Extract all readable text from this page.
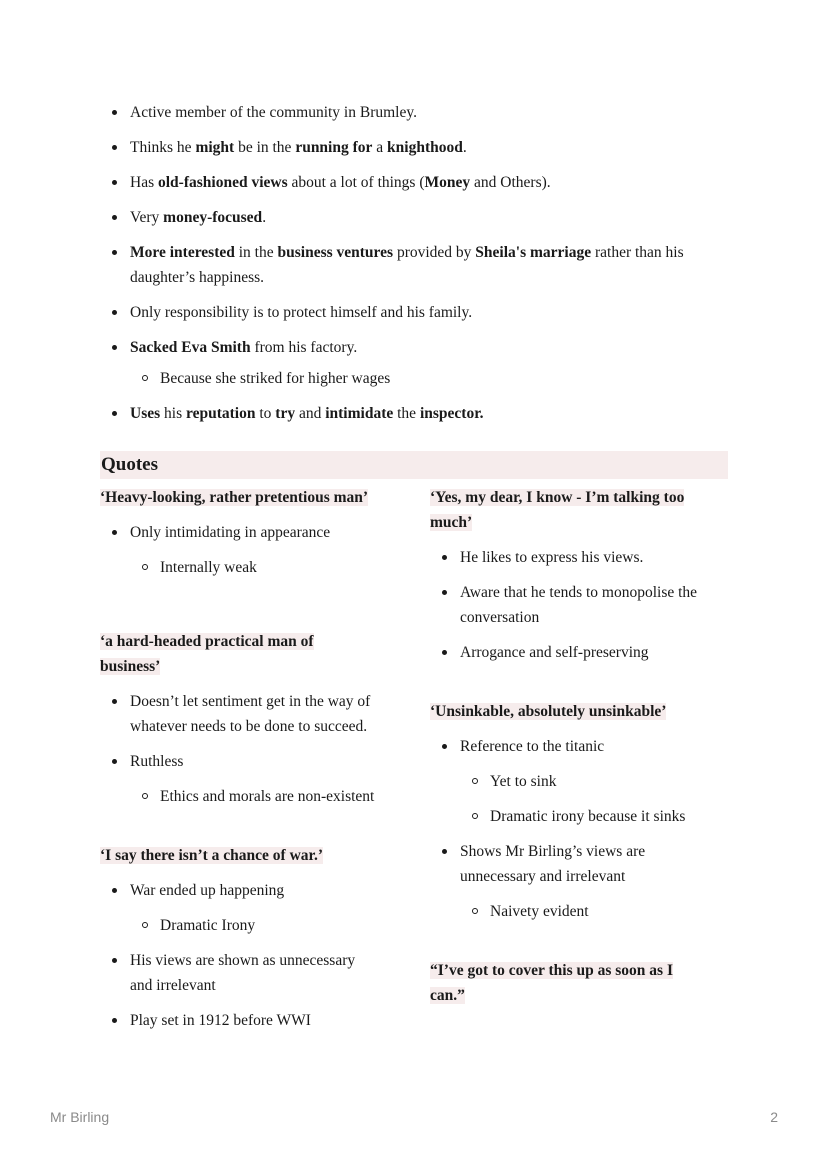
Active member of the community in Brumley.
Thinks he might be in the running for a knighthood.
Has old-fashioned views about a lot of things (Money and Others).
Very money-focused.
More interested in the business ventures provided by Sheila's marriage rather than his daughter’s happiness.
Only responsibility is to protect himself and his family.
Sacked Eva Smith from his factory.
Because she striked for higher wages
Uses his reputation to try and intimidate the inspector.
Quotes

‘Heavy-looking, rather pretentious man’

Only intimidating in appearance
Internally weak

‘a hard-headed practical man of business’

Doesn’t let sentiment get in the way of whatever needs to be done to succeed.
Ruthless
Ethics and morals are non-existent

‘I say there isn’t a chance of war.’

War ended up happening
Dramatic Irony
His views are shown as unnecessary and irrelevant
Play set in 1912 before WWI

‘Yes, my dear, I know - I’m talking too much’

He likes to express his views.
Aware that he tends to monopolise the conversation
Arrogance and self-preserving

‘Unsinkable, absolutely unsinkable’

Reference to the titanic
Yet to sink
Dramatic irony because it sinks
Shows Mr Birling’s views are unnecessary and irrelevant
Naivety evident

“I’ve got to cover this up as soon as I can.”

Mr Birling	2
